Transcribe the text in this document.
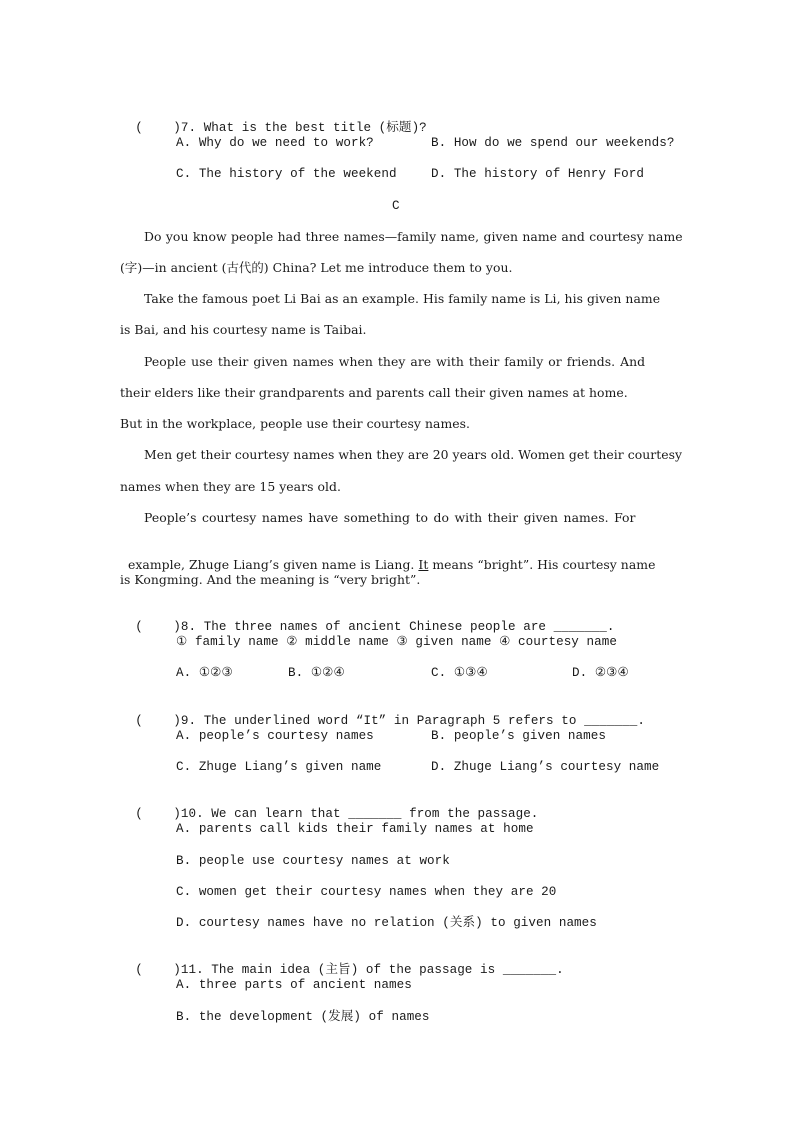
(    )7. What is the best title (标题)?

A. Why do we need to work?	B. How do we spend our weekends?
C. The history of the weekend	D. The history of Henry Ford
C
Do you know people had three names—family name, given name and courtesy name
(字)—in ancient (古代的) China? Let me introduce them to you.
Take the famous poet Li Bai as an example. His family name is Li, his given name
is Bai, and his courtesy name is Taibai.
People use their given names when they are with their family or friends. And
their elders like their grandparents and parents call their given names at home.
But in the workplace, people use their courtesy names.
Men get their courtesy names when they are 20 years old. Women get their courtesy
names when they are 15 years old.
People’s courtesy names have something to do with their given names. For

example, Zhuge Liang’s given name is Liang. It means “bright”. His courtesy name

is Kongming. And the meaning is “very bright”.

(    )8. The three names of ancient Chinese people are _______.

① family name ② middle name ③ given name ④ courtesy name
A. ①②③	B. ①②④	C. ①③④	D. ②③④

(    )9. The underlined word “It” in Paragraph 5 refers to _______.

A. people’s courtesy names	B. people’s given names
C. Zhuge Liang’s given name	D. Zhuge Liang’s courtesy name

(    )10. We can learn that _______ from the passage.

A. parents call kids their family names at home
B. people use courtesy names at work
C. women get their courtesy names when they are 20
D. courtesy names have no relation (关系) to given names

(    )11. The main idea (主旨) of the passage is _______.

A. three parts of ancient names
B. the development (发展) of names
